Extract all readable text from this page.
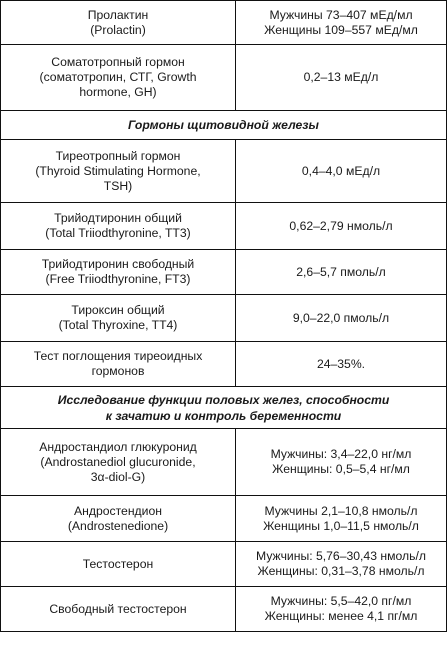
Пролактин
(Prolactin)	Мужчины 73–407 мЕд/мл
Женщины 109–557 мЕд/мл

Соматотропный гормон
(соматотропин, СТГ, Growth
hormone, GH)	0,2–13 мЕд/л

Гормоны щитовидной железы	

Тиреотропный гормон
(Thyroid Stimulating Hormone,
TSH)	0,4–4,0 мЕд/л

Трийодтиронин общий
(Total Triiodthyronine, TT3)	0,62–2,79 нмоль/л

Трийодтиронин свободный
(Free Triiodthyronine, FT3)	2,6–5,7 пмоль/л

Тироксин общий
(Total Thyroxine, TT4)	9,0–22,0 пмоль/л

Тест поглощения тиреоидных
гормонов	24–35%.

Исследование функции половых желез, способности
к зачатию и контроль беременности	

Андростандиол глюкуронид
(Androstanediol glucuronide,
3α-diol-G)	Мужчины: 3,4–22,0 нг/мл
Женщины: 0,5–5,4 нг/мл

Андростендион
(Androstenedione)	Мужчины 2,1–10,8 нмоль/л
Женщины 1,0–11,5 нмоль/л

Тестостерон	Мужчины: 5,76–30,43 нмоль/л
Женщины: 0,31–3,78 нмоль/л

Свободный тестостерон	Мужчины: 5,5–42,0 пг/мл
Женщины: менее 4,1 пг/мл
